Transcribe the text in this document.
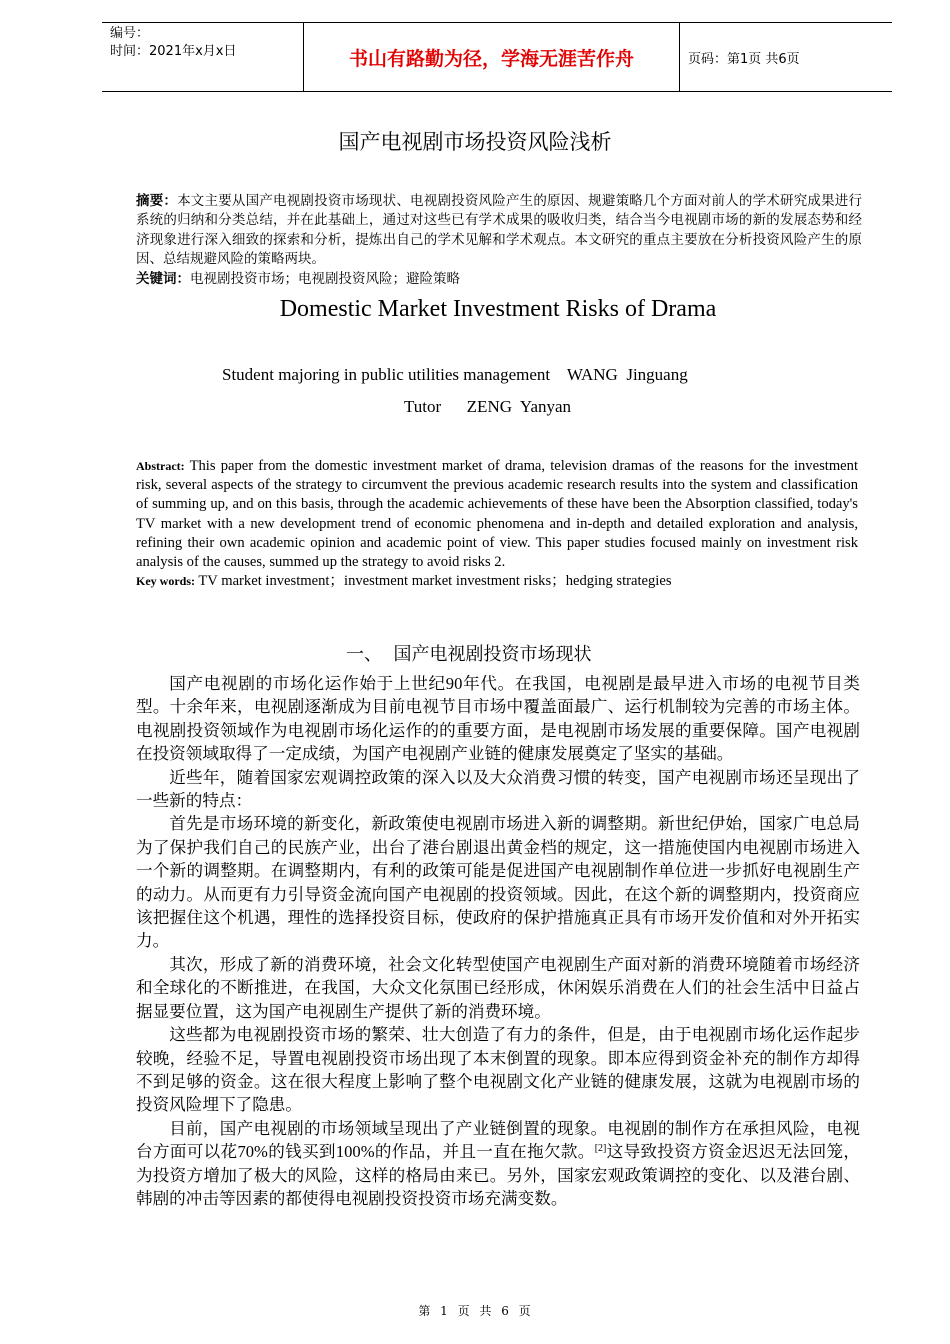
编号：
时间：2021年x月x日	书山有路勤为径，学海无涯苦作舟	页码：第1页 共6页
国产电视剧市场投资风险浅析
摘要：本文主要从国产电视剧投资市场现状、电视剧投资风险产生的原因、规避策略几个方面对前人的学术研究成果进行系统的归纳和分类总结，并在此基础上，通过对这些已有学术成果的吸收归类，结合当今电视剧市场的新的发展态势和经济现象进行深入细致的探索和分析，提炼出自己的学术见解和学术观点。本文研究的重点主要放在分析投资风险产生的原因、总结规避风险的策略两块。
关键词：电视剧投资市场；电视剧投资风险；避险策略
Domestic Market Investment Risks of Drama
Student majoring in public utilities management    WANG  Jinguang
Tutor      ZENG  Yanyan
Abstract: This paper from the domestic investment market of drama, television dramas of the reasons for the investment risk, several aspects of the strategy to circumvent the previous academic research results into the system and classification of summing up, and on this basis, through the academic achievements of these have been the Absorption classified, today's TV market with a new development trend of economic phenomena and in-depth and detailed exploration and analysis, refining their own academic opinion and academic point of view. This paper studies focused mainly on investment risk analysis of the causes, summed up the strategy to avoid risks 2.
Key words: TV market investment；investment market investment risks；hedging strategies
一、  国产电视剧投资市场现状

国产电视剧的市场化运作始于上世纪90年代。在我国，电视剧是最早进入市场的电视节目类型。十余年来，电视剧逐渐成为目前电视节目市场中覆盖面最广、运行机制较为完善的市场主体。电视剧投资领域作为电视剧市场化运作的的重要方面，是电视剧市场发展的重要保障。国产电视剧在投资领域取得了一定成绩，为国产电视剧产业链的健康发展奠定了坚实的基础。

近些年，随着国家宏观调控政策的深入以及大众消费习惯的转变，国产电视剧市场还呈现出了一些新的特点：

首先是市场环境的新变化，新政策使电视剧市场进入新的调整期。新世纪伊始，国家广电总局为了保护我们自己的民族产业，出台了港台剧退出黄金档的规定，这一措施使国内电视剧市场进入一个新的调整期。在调整期内，有利的政策可能是促进国产电视剧制作单位进一步抓好电视剧生产的动力。从而更有力引导资金流向国产电视剧的投资领域。因此，在这个新的调整期内，投资商应该把握住这个机遇，理性的选择投资目标，使政府的保护措施真正具有市场开发价值和对外开拓实力。

其次，形成了新的消费环境，社会文化转型使国产电视剧生产面对新的消费环境随着市场经济和全球化的不断推进，在我国，大众文化氛围已经形成，休闲娱乐消费在人们的社会生活中日益占据显要位置，这为国产电视剧生产提供了新的消费环境。

这些都为电视剧投资市场的繁荣、壮大创造了有力的条件，但是，由于电视剧市场化运作起步较晚，经验不足，导置电视剧投资市场出现了本末倒置的现象。即本应得到资金补充的制作方却得不到足够的资金。这在很大程度上影响了整个电视剧文化产业链的健康发展，这就为电视剧市场的投资风险埋下了隐患。

目前，国产电视剧的市场领域呈现出了产业链倒置的现象。电视剧的制作方在承担风险，电视台方面可以花70%的钱买到100%的作品，并且一直在拖欠款。[2]这导致投资方资金迟迟无法回笼，为投资方增加了极大的风险，这样的格局由来已。另外，国家宏观政策调控的变化、以及港台剧、韩剧的冲击等因素的都使得电视剧投资投资市场充满变数。

第 1 页 共 6 页
